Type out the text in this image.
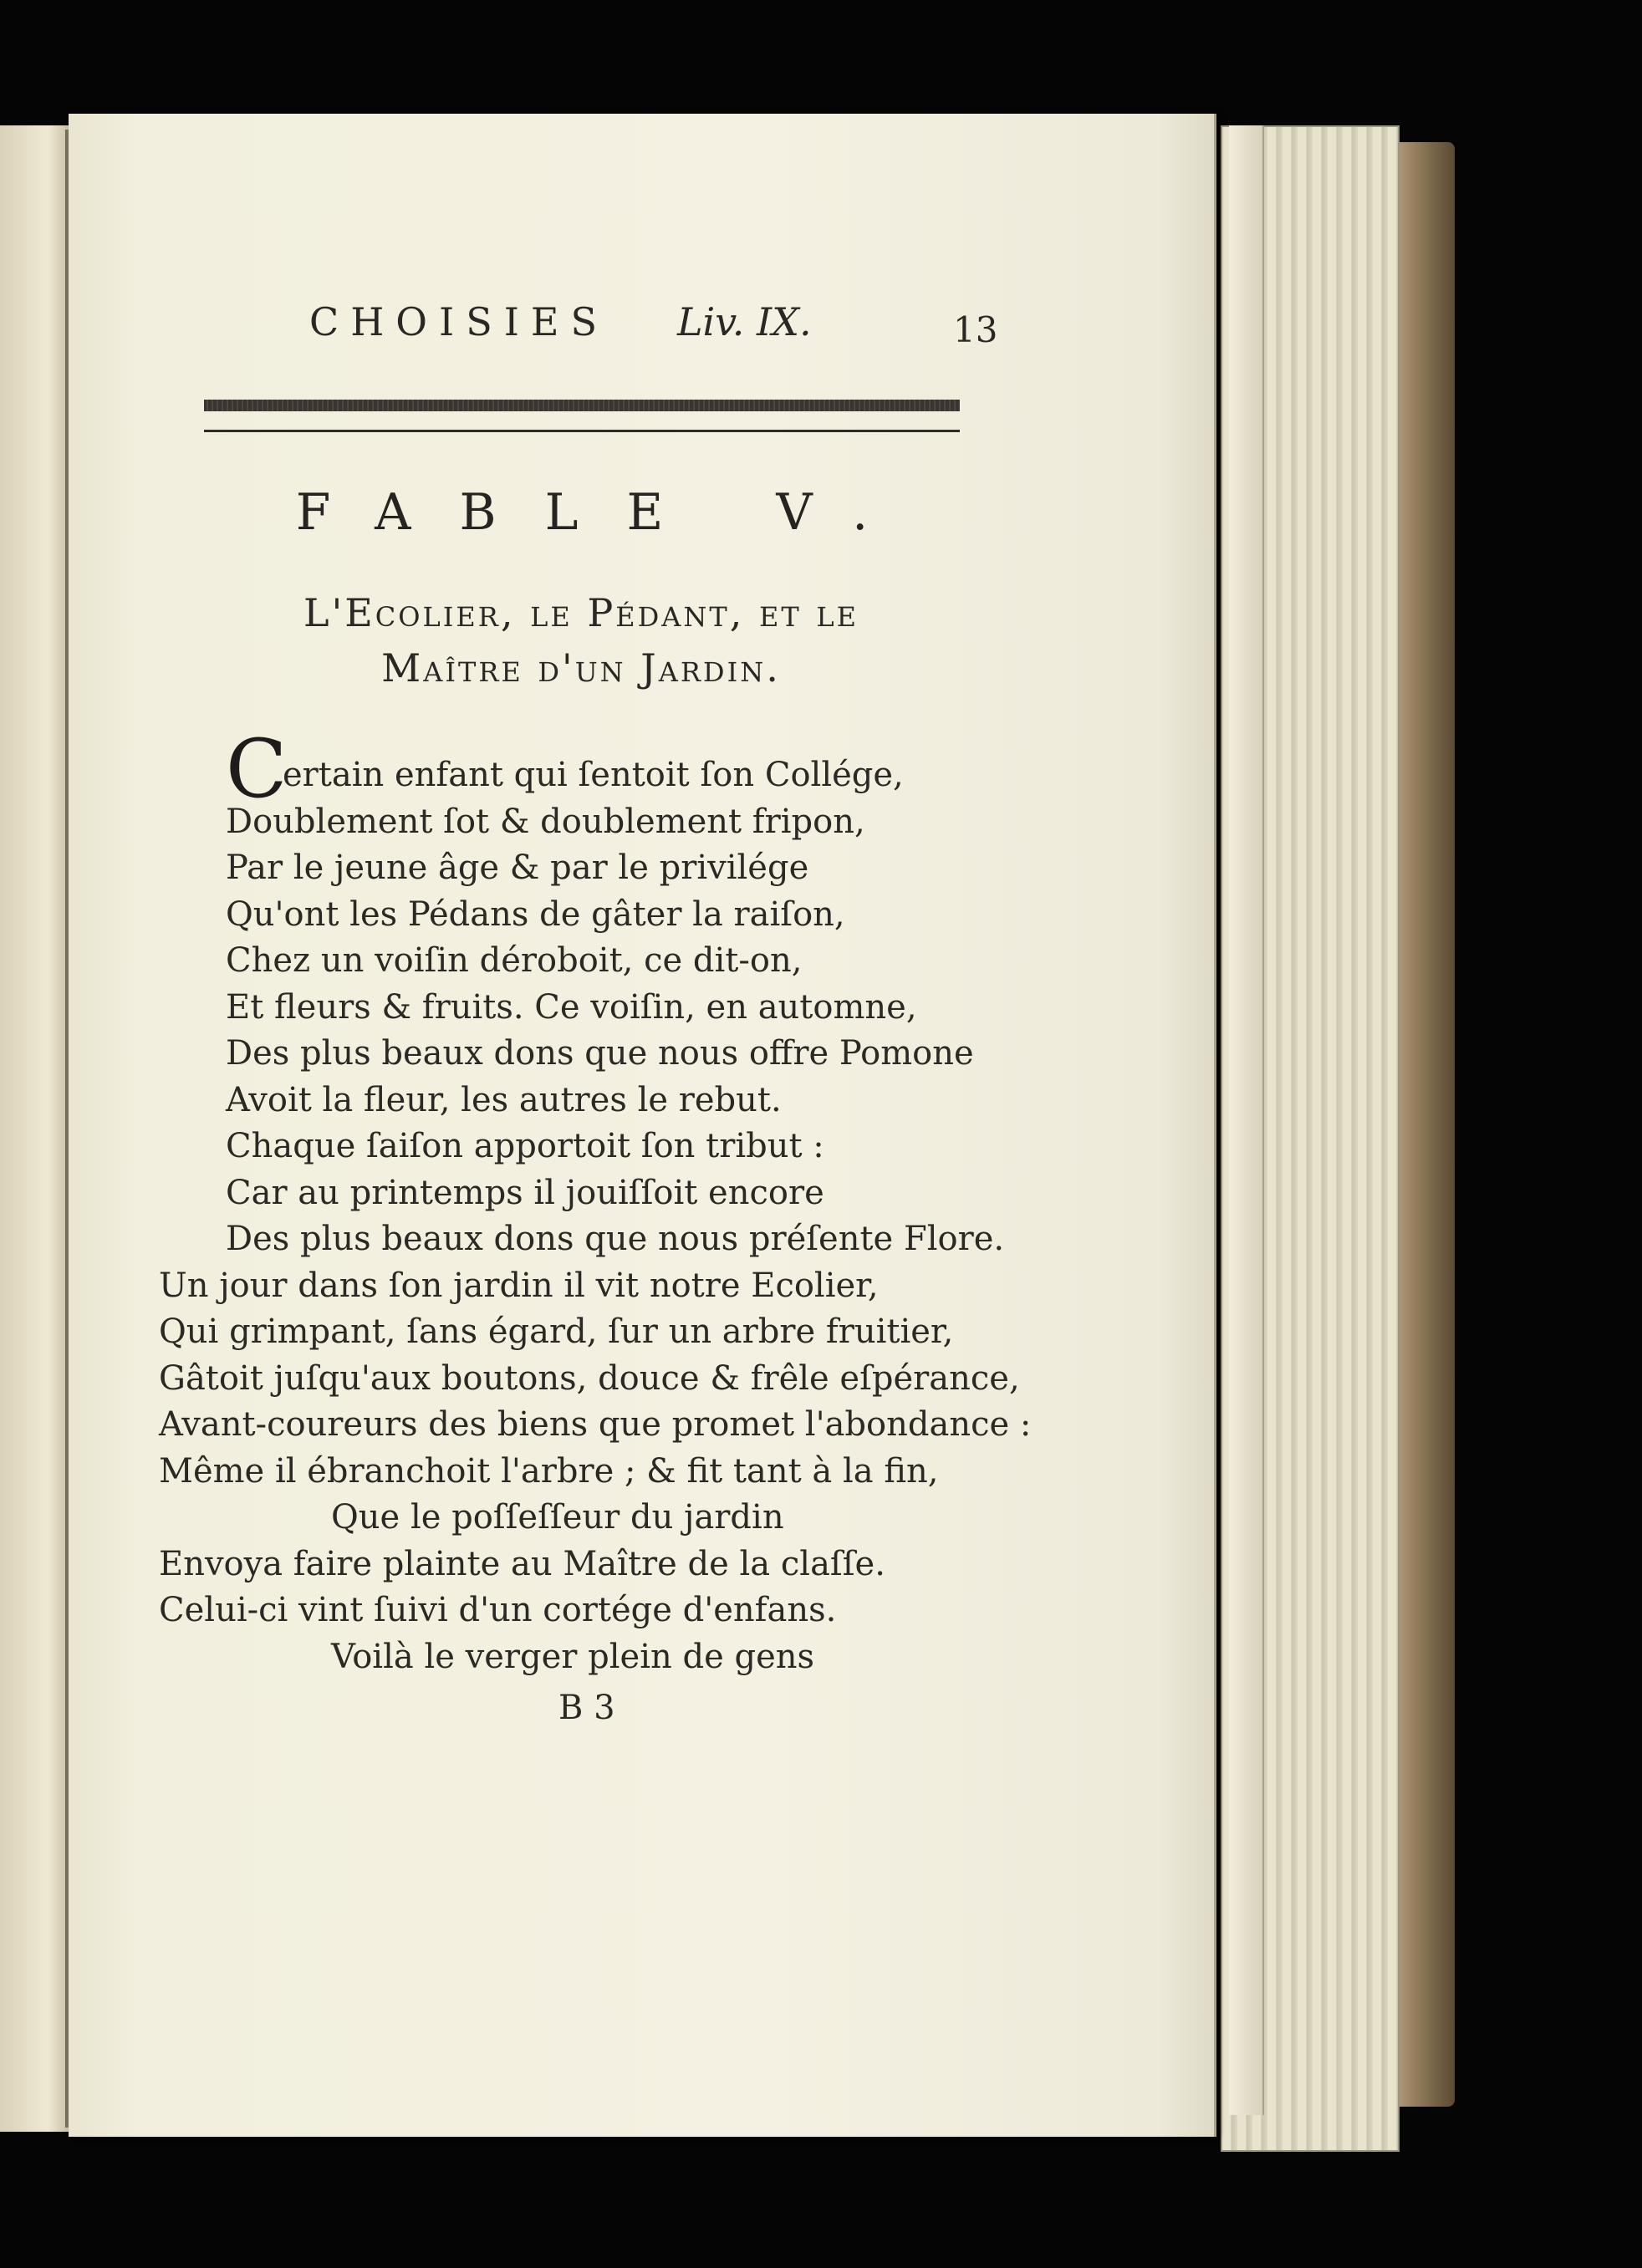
CHOISIES Liv. IX.	13
FABLE V.
L'Ecolier, le Pédant, et le
Maître d'un Jardin.
C
ertain enfant qui ſentoit ſon Collége,
Doublement ſot & doublement fripon,
Par le jeune âge & par le privilége
Qu'ont les Pédans de gâter la raiſon,
Chez un voiſin déroboit, ce dit-on,
Et fleurs & fruits. Ce voiſin, en automne,
Des plus beaux dons que nous offre Pomone
Avoit la fleur, les autres le rebut.
Chaque ſaiſon apportoit ſon tribut :
Car au printemps il jouiſſoit encore
Des plus beaux dons que nous préſente Flore.
Un jour dans ſon jardin il vit notre Ecolier,
Qui grimpant, ſans égard, ſur un arbre fruitier,
Gâtoit juſqu'aux boutons, douce & frêle eſpérance,
Avant-coureurs des biens que promet l'abondance :
Même il ébranchoit l'arbre ; & fit tant à la fin,
Que le poſſeſſeur du jardin
Envoya faire plainte au Maître de la claſſe.
Celui-ci vint ſuivi d'un cortége d'enfans.
Voilà le verger plein de gens
B 3
